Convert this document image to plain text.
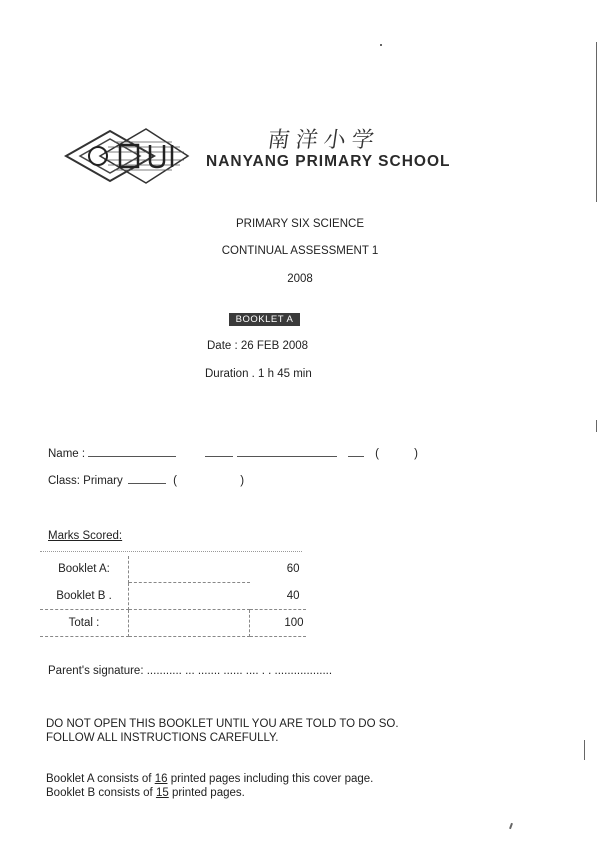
南洋小学
NANYANG PRIMARY SCHOOL
PRIMARY SIX SCIENCE
CONTINUAL ASSESSMENT 1
2008
BOOKLET A
Date : 26 FEB 2008
Duration . 1 h 45 min
Name :	(	)
Class: Primary	(	)
Marks Scored:
Booklet A:		60
Booklet B .		40
Total :		100
Parent's signature: ........... ... ....... ...... .... . . ..................
DO NOT OPEN THIS BOOKLET UNTIL YOU ARE TOLD TO DO SO.
FOLLOW ALL INSTRUCTIONS CAREFULLY.
Booklet A consists of 16 printed pages including this cover page.
Booklet B consists of 15 printed pages.
